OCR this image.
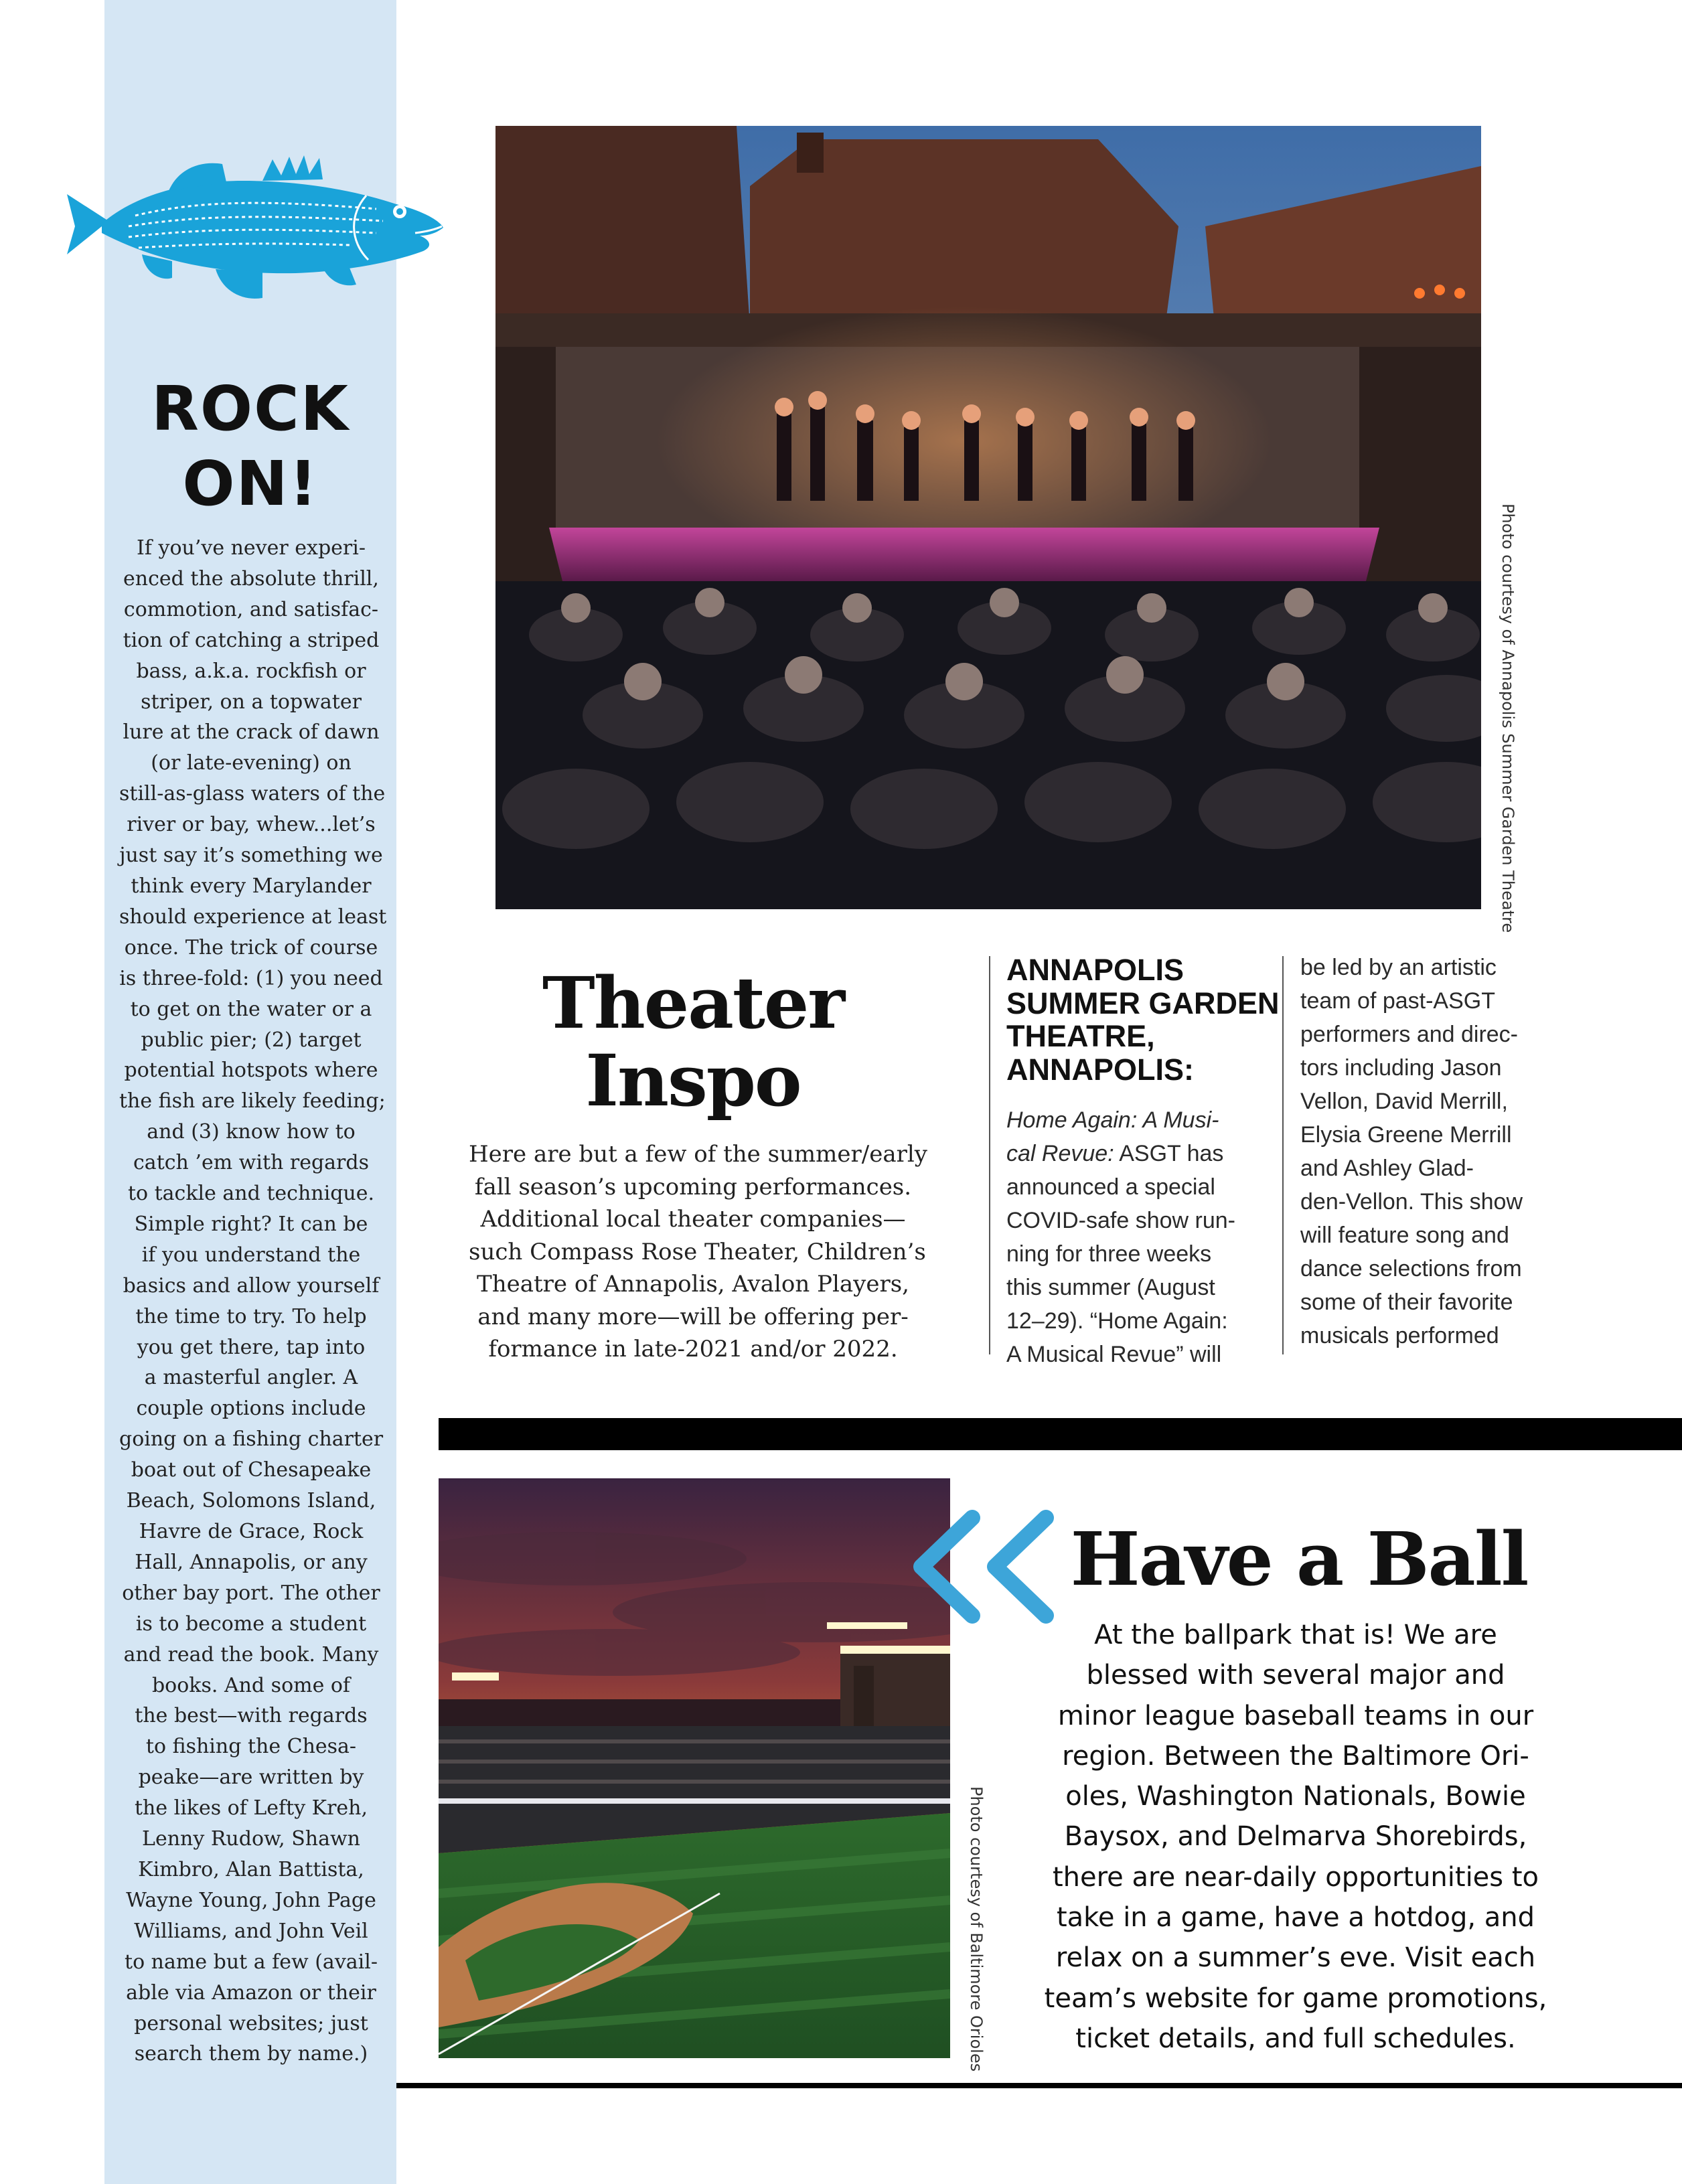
ROCK
ON!
If you’ve never experi-
enced the absolute thrill,
commotion, and satisfac-
tion of catching a striped
bass, a.k.a. rockfish or
striper, on a topwater
lure at the crack of dawn
(or late-evening) on
still-as-glass waters of the
river or bay, whew...let’s
just say it’s something we
think every Marylander
should experience at least
once. The trick of course
is three-fold: (1) you need
to get on the water or a
public pier; (2) target
potential hotspots where
the fish are likely feeding;
and (3) know how to
catch ’em with regards
to tackle and technique.
Simple right? It can be
if you understand the
basics and allow yourself
the time to try. To help
you get there, tap into
a masterful angler. A
couple options include
going on a fishing charter
boat out of Chesapeake
Beach, Solomons Island,
Havre de Grace, Rock
Hall, Annapolis, or any
other bay port. The other
is to become a student
and read the book. Many
books. And some of
the best—with regards
to fishing the Chesa-
peake—are written by
the likes of Lefty Kreh,
Lenny Rudow, Shawn
Kimbro, Alan Battista,
Wayne Young, John Page
Williams, and John Veil
to name but a few (avail-
able via Amazon or their
personal websites; just
search them by name.)
Photo courtesy of Annapolis Summer Garden Theatre
Theater
Inspo
Here are but a few of the summer/early
fall season’s upcoming performances.
Additional local theater companies—
such Compass Rose Theater, Children’s
Theatre of Annapolis, Avalon Players,
and many more—will be offering per-
formance in late-2021 and/or 2022.
ANNAPOLIS
SUMMER GARDEN
THEATRE,
ANNAPOLIS:
Home Again: A Musi-
cal Revue: ASGT has
announced a special
COVID-safe show run-
ning for three weeks
this summer (August
12–29). “Home Again:
A Musical Revue” will
be led by an artistic
team of past-ASGT
performers and direc-
tors including Jason
Vellon, David Merrill,
Elysia Greene Merrill
and Ashley Glad-
den-Vellon. This show
will feature song and
dance selections from
some of their favorite
musicals performed
Photo courtesy of Baltimore Orioles
Have a Ball
At the ballpark that is! We are
blessed with several major and
minor league baseball teams in our
region. Between the Baltimore Ori-
oles, Washington Nationals, Bowie
Baysox, and Delmarva Shorebirds,
there are near-daily opportunities to
take in a game, have a hotdog, and
relax on a summer’s eve. Visit each
team’s website for game promotions,
ticket details, and full schedules.
